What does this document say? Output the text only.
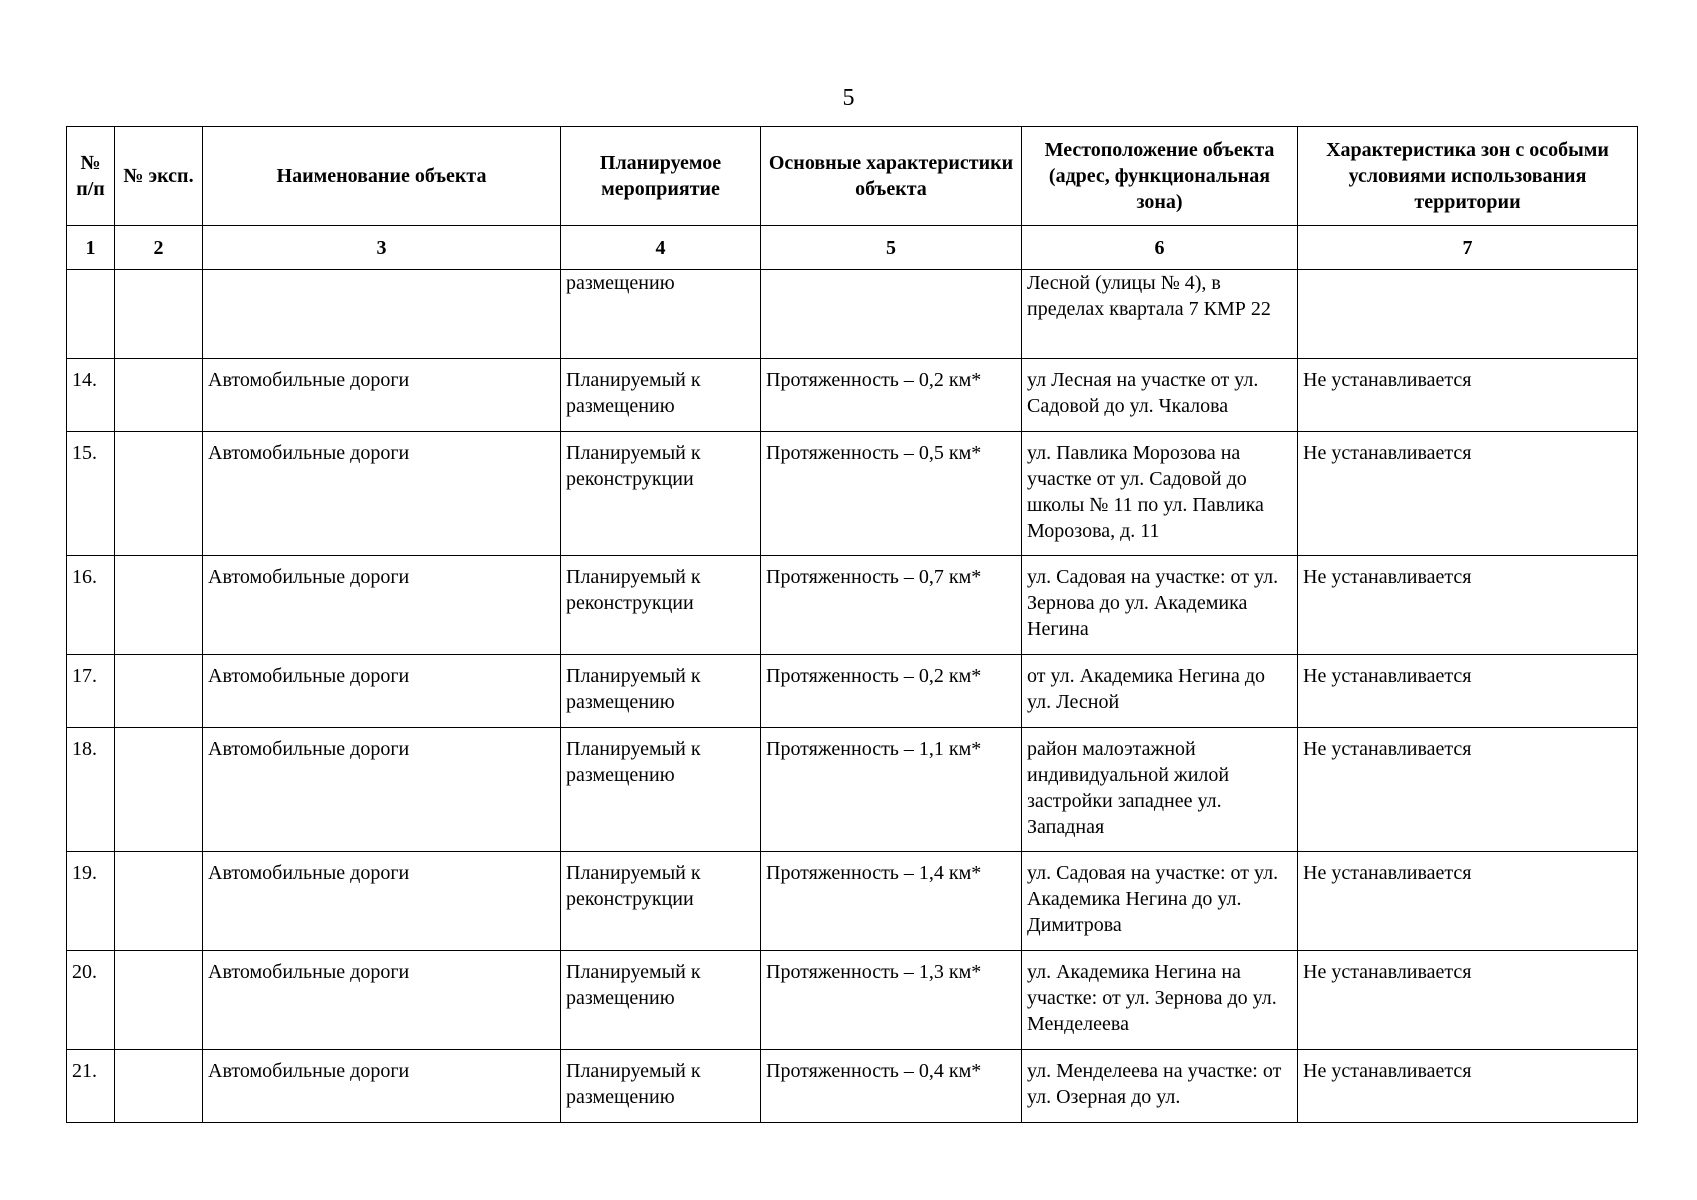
5
№ п/п	№ эксп.	Наименование объекта	Планируемое мероприятие	Основные характеристики объекта	Местоположение объекта (адрес, функциональная зона)	Характеристика зон с особыми условиями использования территории

1	2	3	4	5	6	7
			размещению		Лесной (улицы № 4), в пределах квартала 7 КМР 22	
14.		Автомобильные дороги	Планируемый к размещению	Протяженность – 0,2 км*	ул Лесная на участке от ул. Садовой до ул. Чкалова	Не устанавливается
15.		Автомобильные дороги	Планируемый к реконструкции	Протяженность – 0,5 км*	ул. Павлика Морозова на участке от ул. Садовой до школы № 11 по ул. Павлика Морозова, д. 11	Не устанавливается
16.		Автомобильные дороги	Планируемый к реконструкции	Протяженность – 0,7 км*	ул. Садовая на участке: от ул. Зернова до ул. Академика Негина	Не устанавливается
17.		Автомобильные дороги	Планируемый к размещению	Протяженность – 0,2 км*	от ул. Академика Негина до ул. Лесной	Не устанавливается
18.		Автомобильные дороги	Планируемый к размещению	Протяженность – 1,1 км*	район малоэтажной индивидуальной жилой застройки западнее ул. Западная	Не устанавливается
19.		Автомобильные дороги	Планируемый к реконструкции	Протяженность – 1,4 км*	ул. Садовая на участке: от ул. Академика Негина до ул. Димитрова	Не устанавливается
20.		Автомобильные дороги	Планируемый к размещению	Протяженность – 1,3 км*	ул. Академика Негина на участке: от ул. Зернова до ул. Менделеева	Не устанавливается
21.		Автомобильные дороги	Планируемый к размещению	Протяженность – 0,4 км*	ул. Менделеева на участке: от ул. Озерная до ул.	Не устанавливается
